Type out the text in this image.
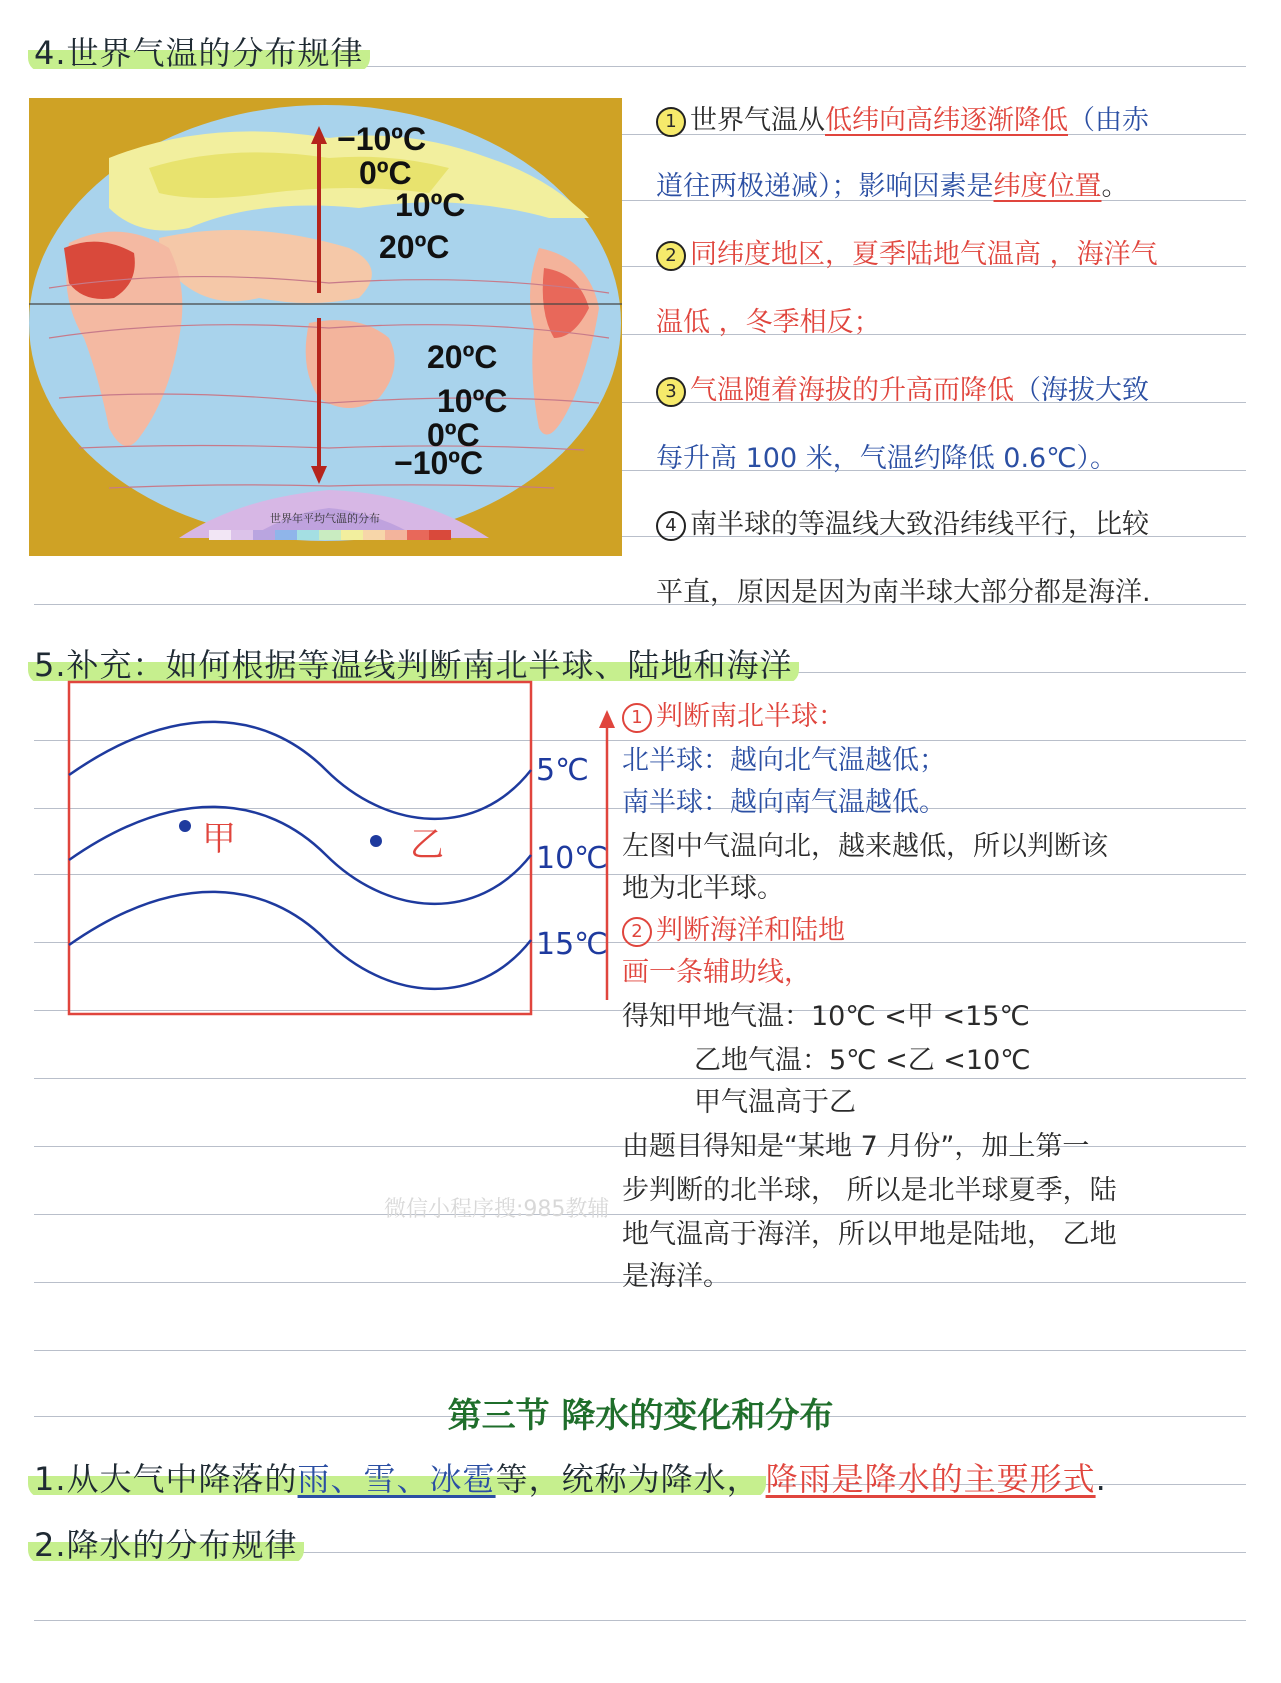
4.世界气温的分布规律
−10ºC
0ºC
10ºC
20ºC
20ºC
10ºC
0ºC
−10ºC
世界年平均气温的分布
1 世界气温从低纬向高纬逐渐降低（由赤
道往两极递减）；影响因素是纬度位置。
2 同纬度地区，夏季陆地气温高 ，海洋气
温低 ，冬季相反；
3 气温随着海拔的升高而降低（海拔大致
每升高 100 米，气温约降低 0.6℃）。
4 南半球的等温线大致沿纬线平行，比较
平直，原因是因为南半球大部分都是海洋.
5.补充：如何根据等温线判断南北半球、陆地和海洋
甲	乙
5℃
10℃
15℃
1 判断南北半球：
北半球：越向北气温越低；
南半球：越向南气温越低。
左图中气温向北，越来越低，所以判断该
地为北半球。
2 判断海洋和陆地
画一条辅助线，
得知甲地气温：10℃ <甲 <15℃
乙地气温：5℃ <乙 <10℃
甲气温高于乙
由题目得知是“某地 7 月份”，加上第一
步判断的北半球， 所以是北半球夏季，陆
地气温高于海洋，所以甲地是陆地， 乙地
是海洋。
微信小程序搜:985教辅
第三节 降水的变化和分布
1.从大气中降落的雨、雪、冰雹等，统称为降水， 降雨是降水的主要形式.
2.降水的分布规律
